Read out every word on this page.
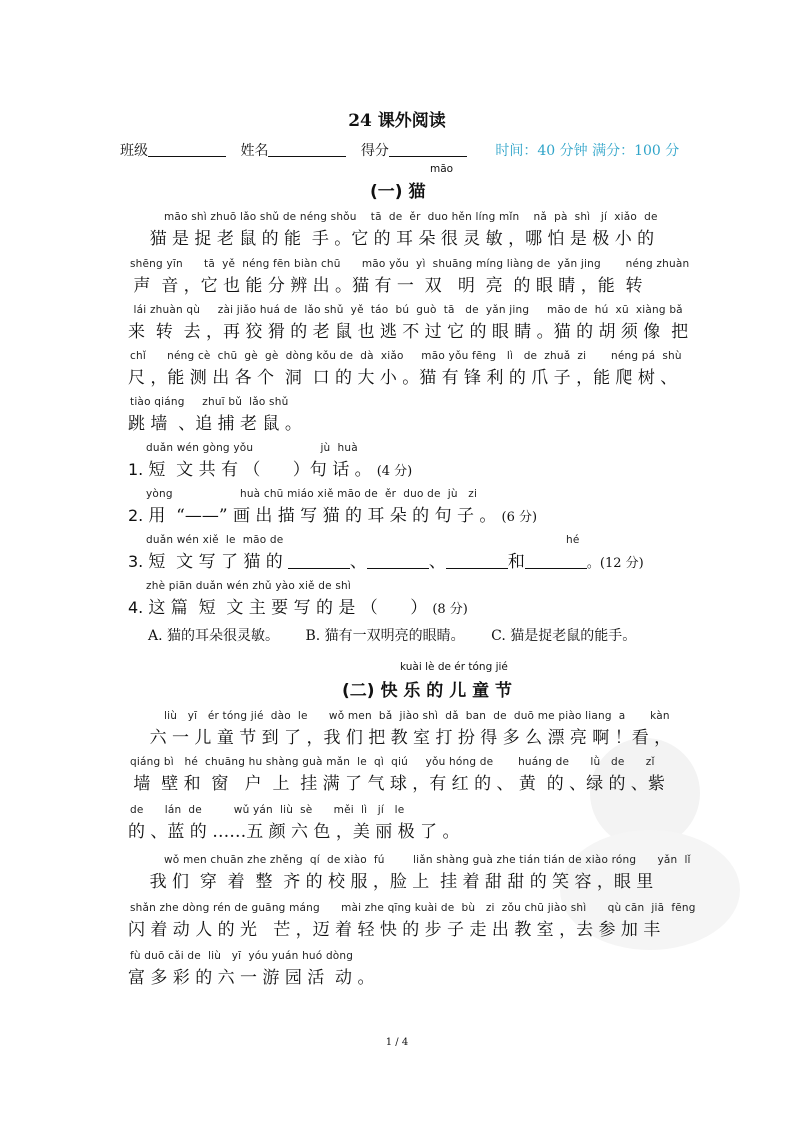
24 课外阅读
班级	姓名	得分	时间：40 分钟 满分：100 分
māo
(一) 猫
māo shì zhuō lǎo shǔ de néng shǒu    tā  de  ěr  duo hěn líng mǐn    nǎ  pà  shì   jí  xiǎo  de
猫 是 捉 老 鼠 的 能  手 。它 的 耳 朵 很 灵 敏 ，哪 怕 是 极 小 的
shēng yīn      tā  yě  néng fēn biàn chū      māo yǒu  yì  shuāng míng liàng de  yǎn jing       néng zhuàn
声  音 ，它 也 能 分 辨 出 。猫 有 一  双   明  亮  的 眼 睛 ，能  转
lái zhuàn qù     zài jiǎo huá de  lǎo shǔ  yě  táo  bú  guò  tā   de  yǎn jing     māo de  hú  xū  xiàng bǎ
来  转  去 ，再 狡 猾 的 老 鼠 也 逃 不 过 它 的 眼 睛 。猫 的 胡 须 像  把
chǐ      néng cè  chū  gè  gè  dòng kǒu de  dà  xiǎo     māo yǒu fēng   lì   de  zhuǎ  zi       néng pá  shù
尺 ，能 测 出 各 个  洞  口 的 大 小 。猫 有 锋 利 的 爪 子 ，能 爬 树 、
tiào qiáng     zhuī bǔ  lǎo shǔ
跳 墙  、追 捕 老 鼠 。
duǎn wén gòng yǒu                   jù  huà
1. 短  文 共 有 （      ）句 话 。 (4 分)
yòng                   huà chū miáo xiě māo de  ěr  duo de  jù   zi
2. 用  “——” 画 出 描 写 猫 的 耳 朵 的 句 子 。 (6 分)
duǎn wén xiě  le  māo de	hé
3. 短  文 写 了 猫 的	、	、	和	。(12 分)
zhè piān duǎn wén zhǔ yào xiě de shì
4. 这 篇  短  文 主 要 写 的 是 （      ） (8 分)
A. 猫的耳朵很灵敏。 B. 猫有一双明亮的眼睛。 C. 猫是捉老鼠的能手。
kuài lè de ér tóng jié
(二) 快 乐 的 儿 童 节
liù   yī   ér tóng jié  dào  le      wǒ men  bǎ  jiào shì  dǎ  ban  de  duō me piào liang  a       kàn
六 一 儿 童 节 到 了 ，我 们 把 教 室 打 扮 得 多 么 漂 亮 啊 ！看 ，
qiáng bì   hé  chuāng hu shàng guà mǎn  le  qì  qiú     yǒu hóng de       huáng de      lǜ   de      zǐ
墙  壁 和  窗   户  上  挂 满 了 气 球 ，有 红 的 、 黄  的 、绿 的 、紫
de      lán  de         wǔ yán  liù  sè      měi  lì   jí   le
的 、蓝 的 ……五 颜 六 色 ，美 丽 极 了 。
wǒ men chuān zhe zhěng  qí  de xiào  fú        liǎn shàng guà zhe tián tián de xiào róng      yǎn  lǐ
我 们  穿  着  整  齐 的 校 服 ，脸 上  挂 着 甜 甜 的 笑 容 ，眼 里
shǎn zhe dòng rén de guāng máng      mài zhe qīng kuài de  bù   zi  zǒu chū jiào shì      qù cān  jiā  fēng
闪 着 动 人 的 光   芒 ，迈 着 轻 快 的 步 子 走 出 教 室 ，去 参 加 丰
fù duō cǎi de  liù   yī  yóu yuán huó dòng
富 多 彩 的 六 一 游 园 活  动 。
1 / 4
